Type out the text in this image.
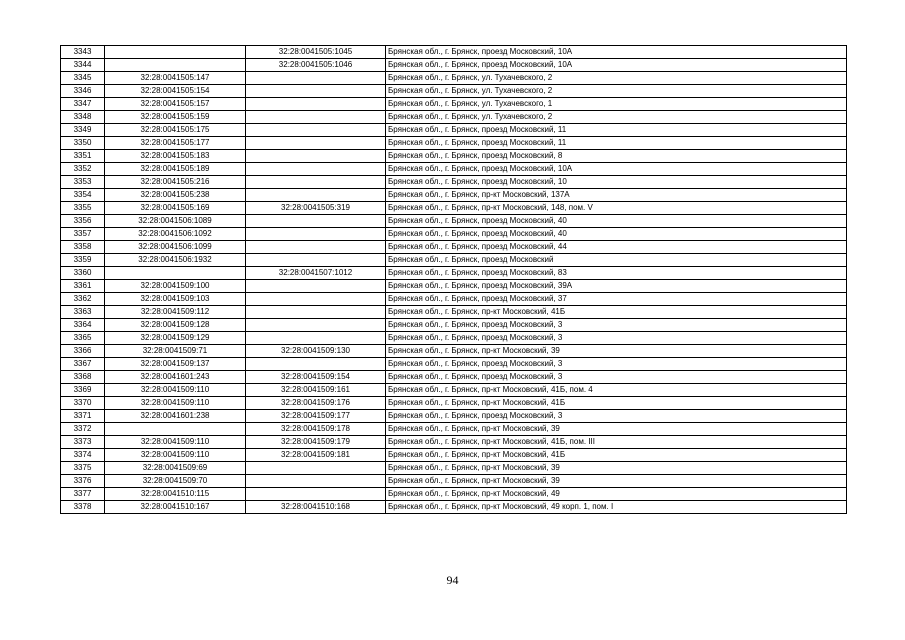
3343		32:28:0041505:1045	Брянская обл., г. Брянск, проезд Московский, 10А
3344		32:28:0041505:1046	Брянская обл., г. Брянск, проезд Московский, 10А
3345	32:28:0041505:147		Брянская обл., г. Брянск, ул. Тухачевского, 2
3346	32:28:0041505:154		Брянская обл., г. Брянск, ул. Тухачевского, 2
3347	32:28:0041505:157		Брянская обл., г. Брянск, ул. Тухачевского, 1
3348	32:28:0041505:159		Брянская обл., г. Брянск, ул. Тухачевского, 2
3349	32:28:0041505:175		Брянская обл., г. Брянск, проезд Московский, 11
3350	32:28:0041505:177		Брянская обл., г. Брянск, проезд Московский, 11
3351	32:28:0041505:183		Брянская обл., г. Брянск, проезд Московский, 8
3352	32:28:0041505:189		Брянская обл., г. Брянск, проезд Московский, 10А
3353	32:28:0041505:216		Брянская обл., г. Брянск, проезд Московский, 10
3354	32:28:0041505:238		Брянская обл., г. Брянск, пр-кт Московский, 137А
3355	32:28:0041505:169	32:28:0041505:319	Брянская обл., г. Брянск, пр-кт Московский, 148, пом. V
3356	32:28:0041506:1089		Брянская обл., г. Брянск, проезд Московский, 40
3357	32:28:0041506:1092		Брянская обл., г. Брянск, проезд Московский, 40
3358	32:28:0041506:1099		Брянская обл., г. Брянск, проезд Московский, 44
3359	32:28:0041506:1932		Брянская обл., г. Брянск, проезд Московский
3360		32:28:0041507:1012	Брянская обл., г. Брянск, проезд Московский, 83
3361	32:28:0041509:100		Брянская обл., г. Брянск, проезд Московский, 39А
3362	32:28:0041509:103		Брянская обл., г. Брянск, проезд Московский, 37
3363	32:28:0041509:112		Брянская обл., г. Брянск, пр-кт Московский, 41Б
3364	32:28:0041509:128		Брянская обл., г. Брянск, проезд Московский, 3
3365	32:28:0041509:129		Брянская обл., г. Брянск, проезд Московский, 3
3366	32:28:0041509:71	32:28:0041509:130	Брянская обл., г. Брянск, пр-кт Московский, 39
3367	32:28:0041509:137		Брянская обл., г. Брянск, проезд Московский, 3
3368	32:28:0041601:243	32:28:0041509:154	Брянская обл., г. Брянск, проезд Московский, 3
3369	32:28:0041509:110	32:28:0041509:161	Брянская обл., г. Брянск, пр-кт Московский, 41Б, пом. 4
3370	32:28:0041509:110	32:28:0041509:176	Брянская обл., г. Брянск, пр-кт Московский, 41Б
3371	32:28:0041601:238	32:28:0041509:177	Брянская обл., г. Брянск, проезд Московский, 3
3372		32:28:0041509:178	Брянская обл., г. Брянск, пр-кт Московский, 39
3373	32:28:0041509:110	32:28:0041509:179	Брянская обл., г. Брянск, пр-кт Московский, 41Б, пом. III
3374	32:28:0041509:110	32:28:0041509:181	Брянская обл., г. Брянск, пр-кт Московский, 41Б
3375	32:28:0041509:69		Брянская обл., г. Брянск, пр-кт Московский, 39
3376	32:28:0041509:70		Брянская обл., г. Брянск, пр-кт Московский, 39
3377	32:28:0041510:115		Брянская обл., г. Брянск, пр-кт Московский, 49
3378	32:28:0041510:167	32:28:0041510:168	Брянская обл., г. Брянск, пр-кт Московский, 49 корп. 1, пом. I
94
